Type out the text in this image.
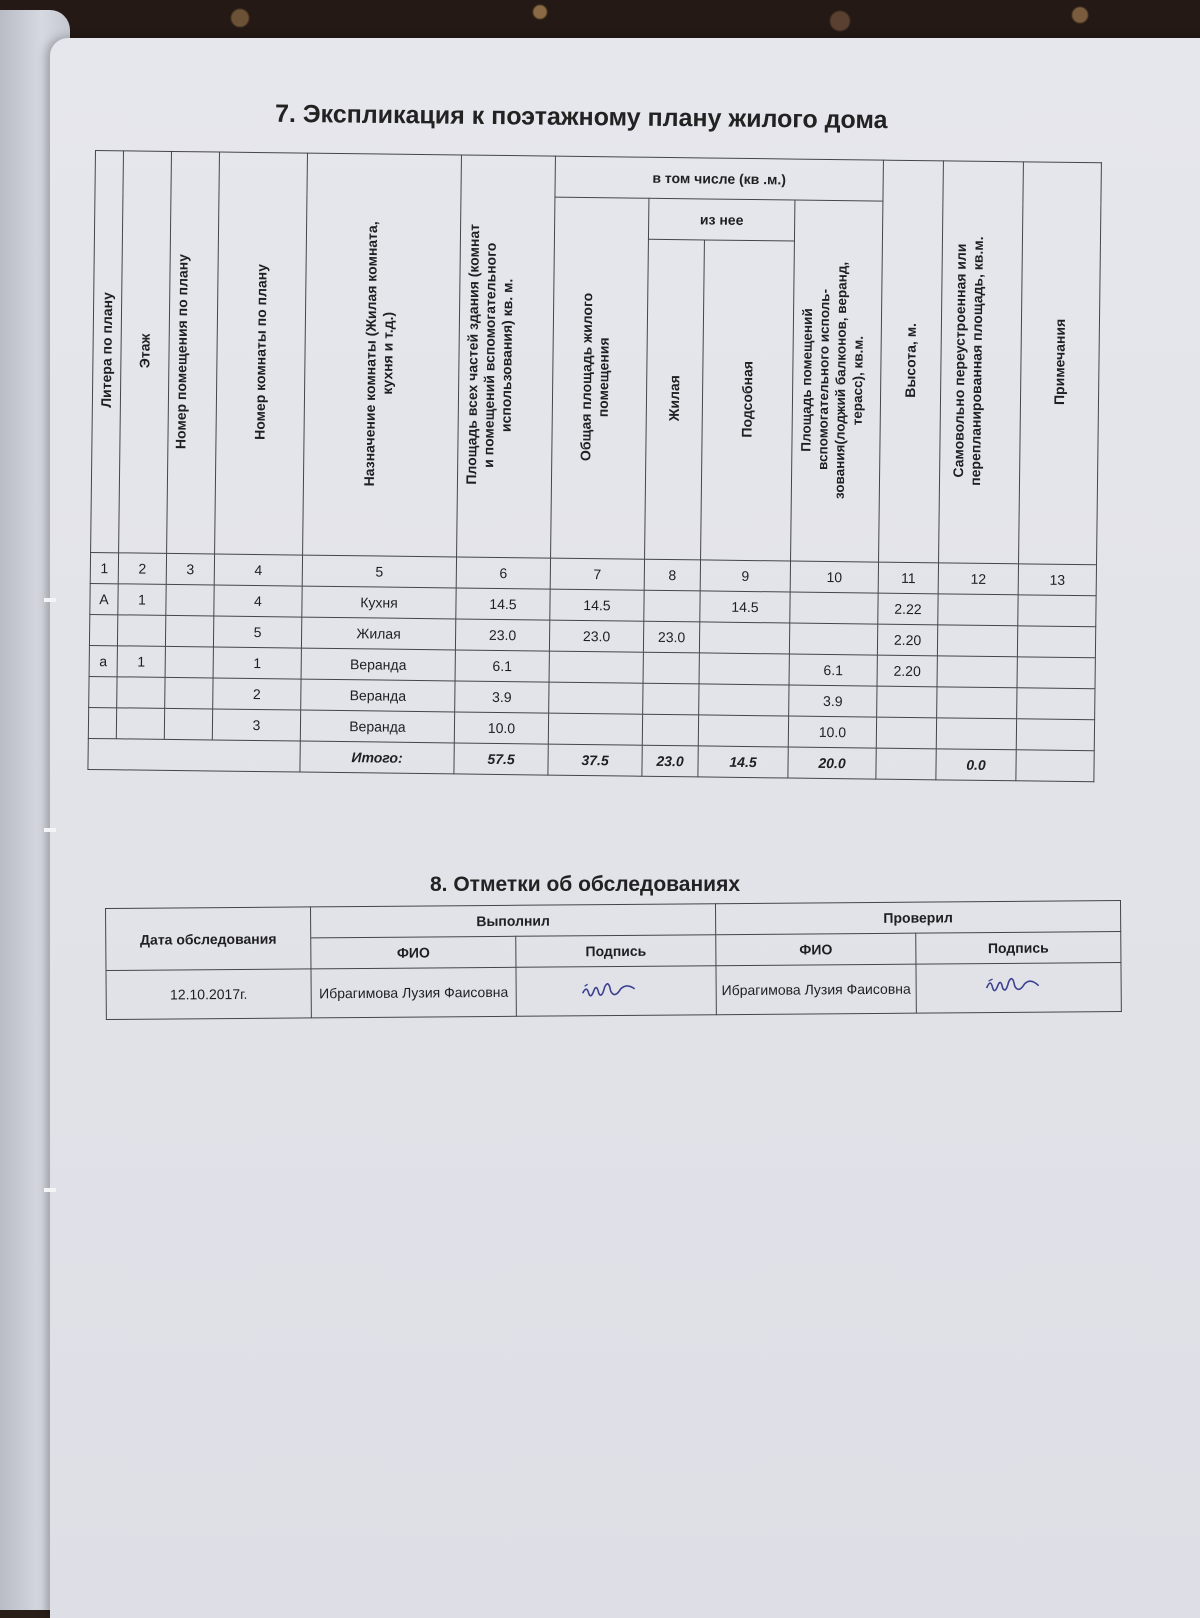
7. Экспликация к поэтажному плану жилого дома
Литера по плану	Этаж	Номер помещения по плану	Номер комнаты по плану	Назначение комнаты (Жилая комната, кухня и т.д.)	Площадь всех частей здания (комнат и помещений вспомогательного использования) кв. м.	в том числе (кв .м.)				Высота, м.	Самовольно переустроенная или перепланированная площадь, кв.м.	Примечания
						Общая площадь жилого помещения	из нее		Площадь помещений вспомогательного исполь- зования(лоджий балконов, веранд, терасс), кв.м.			
							Жилая	Подсобная				
1	2	3	4	5	6	7	8	9	10	11	12	13
А	1		4	Кухня	14.5	14.5		14.5		2.22		
			5	Жилая	23.0	23.0	23.0			2.20		
а	1		1	Веранда	6.1				6.1	2.20		
			2	Веранда	3.9				3.9			
			3	Веранда	10.0				10.0			
				Итого:	57.5	37.5	23.0	14.5	20.0		0.0	
8. Отметки об обследованиях
Дата обследования	Выполнил		Проверил	
	ФИО	Подпись	ФИО	Подпись
12.10.2017г.	Ибрагимова Лузия Фаисовна		Ибрагимова Лузия Фаисовна	
